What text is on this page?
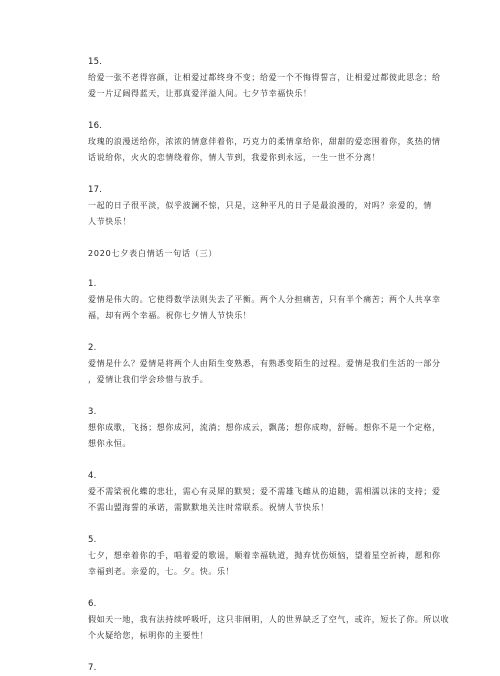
15.

给爱一张不老得容颜，让相爱过都终身不变；给爱一个不悔得誓言，让相爱过都彼此思念；给

爱一片辽阔得蓝天，让那真爱洋溢人间。七夕节幸福快乐！

16.

玫瑰的浪漫送给你，浓浓的情意伴着你，巧克力的柔情拿给你，甜甜的爱恋围着你，炙热的情

话说给你，火火的恋情绕着你，情人节到，我爱你到永远，一生一世不分离！

17.

一起的日子很平淡，似乎波澜不惊，只是，这种平凡的日子是最浪漫的，对吗？亲爱的，情

人节快乐！

2020七夕表白情话一句话（三）

1.

爱情是伟大的。它使得数学法则失去了平衡。两个人分担痛苦，只有半个痛苦；两个人共享幸

福，却有两个幸福。祝你七夕情人节快乐！

2.

爱情是什么？爱情是将两个人由陌生变熟悉，有熟悉变陌生的过程。爱情是我们生活的一部分

，爱情让我们学会珍惜与放手。

3.

想你成歌，飞扬；想你成河，流淌；想你成云，飘荡；想你成吻，舒畅。想你不是一个定格，

想你永恒。

4.

爱不需梁祝化蝶的悲壮，需心有灵犀的默契；爱不需雄飞雌从的追随，需相濡以沫的支持；爱

不需山盟海誓的承诺，需默默地关注时常联系。祝情人节快乐！

5.

七夕，想牵着你的手，唱着爱的歌谣，顺着幸福轨道，抛弃忧伤烦恼，望着星空祈祷，愿和你

幸福到老。亲爱的，七。夕。快。乐！

6.

假如天一地，我有法持续呼吸吁，这只非闸明，人的世界缺乏了空气，或许，短长了你。所以收

个火疑给您，标明你的主要性！

7.
